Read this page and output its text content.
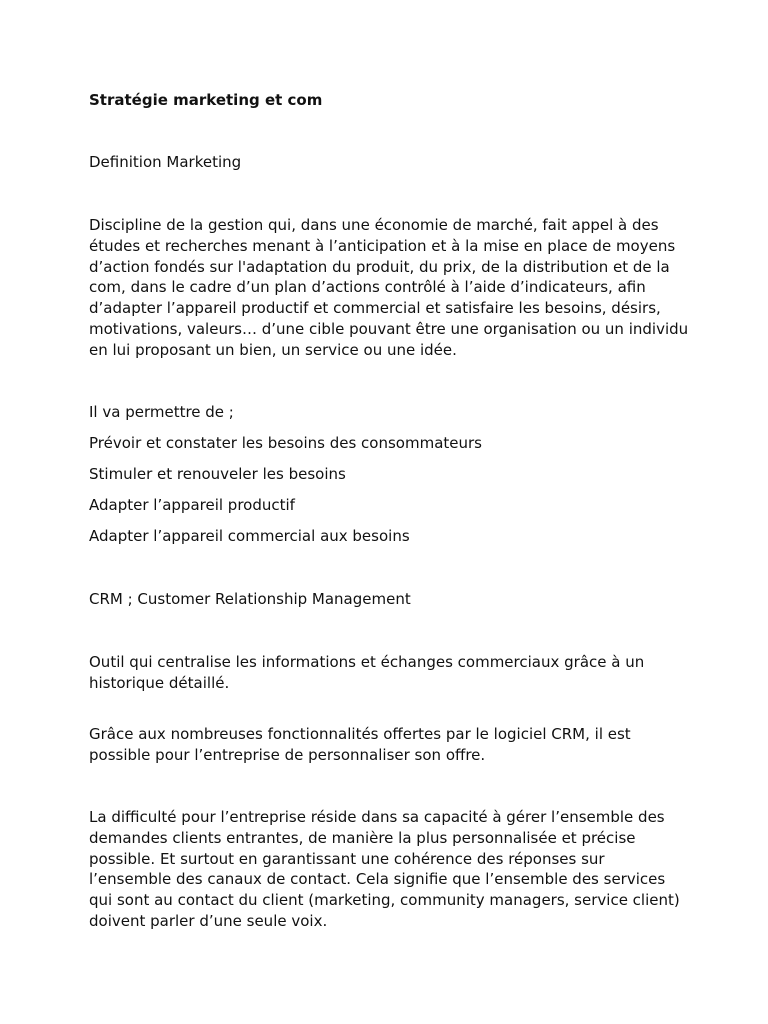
Stratégie marketing et com

Definition Marketing

Discipline de la gestion qui, dans une économie de marché, fait appel à des études et recherches menant à l’anticipation et à la mise en place de moyens d’action fondés sur l'adaptation du produit, du prix, de la distribution et de la com, dans le cadre d’un plan d’actions contrôlé à l’aide d’indicateurs, afin d’adapter l’appareil productif et commercial et satisfaire les besoins, désirs, motivations, valeurs… d’une cible pouvant être une organisation ou un individu en lui proposant un bien, un service ou une idée.

Il va permettre de ;

Prévoir et constater les besoins des consommateurs

Stimuler et renouveler les besoins

Adapter l’appareil productif

Adapter l’appareil commercial aux besoins

CRM ; Customer Relationship Management

Outil qui centralise les informations et échanges commerciaux grâce à un historique détaillé.

Grâce aux nombreuses fonctionnalités offertes par le logiciel CRM, il est possible pour l’entreprise de personnaliser son offre.

La difficulté pour l’entreprise réside dans sa capacité à gérer l’ensemble des demandes clients entrantes, de manière la plus personnalisée et précise possible. Et surtout en garantissant une cohérence des réponses sur l’ensemble des canaux de contact. Cela signifie que l’ensemble des services qui sont au contact du client (marketing, community managers, service client) doivent parler d’une seule voix.
